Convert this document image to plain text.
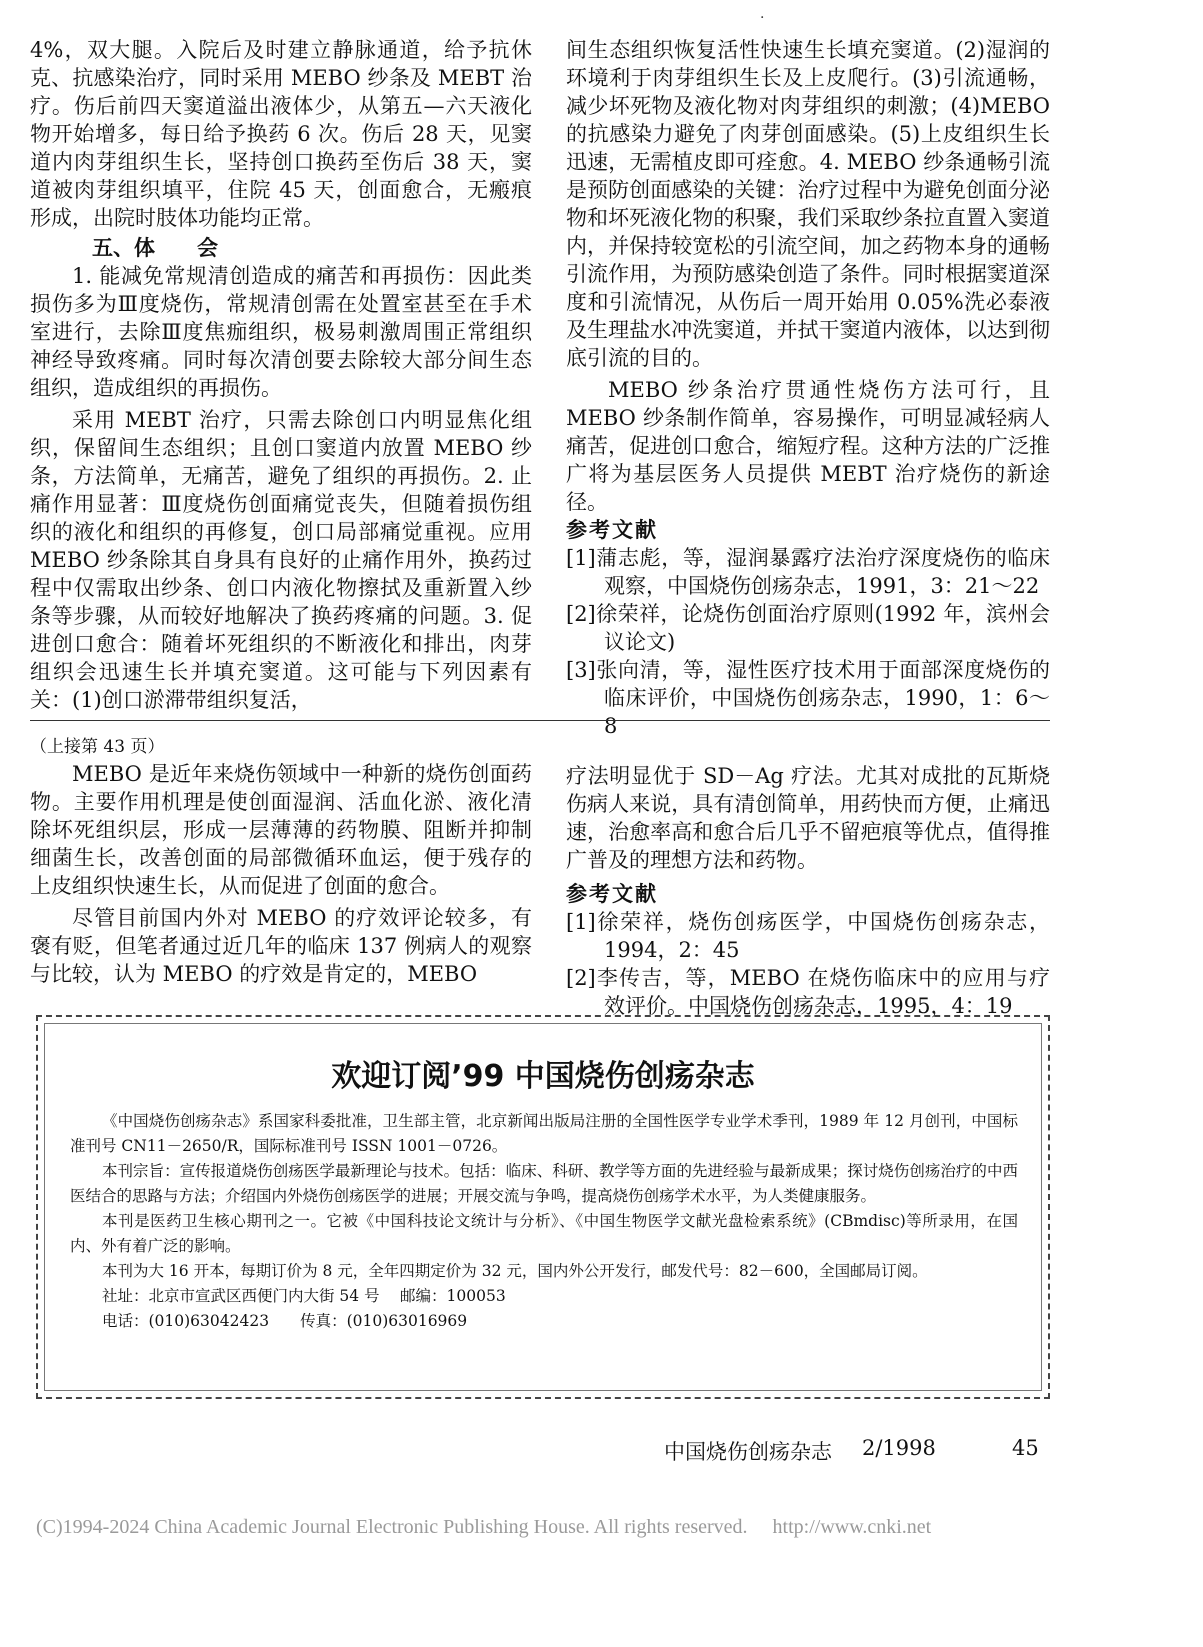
·

4%，双大腿。入院后及时建立静脉通道，给予抗休克、抗感染治疗，同时采用 MEBO 纱条及 MEBT 治疗。伤后前四天窦道溢出液体少，从第五—六天液化物开始增多，每日给予换药 6 次。伤后 28 天，见窦道内肉芽组织生长，坚持创口换药至伤后 38 天，窦道被肉芽组织填平，住院 45 天，创面愈合，无瘢痕形成，出院时肢体功能均正常。

五、体　　会

1. 能减免常规清创造成的痛苦和再损伤：因此类损伤多为Ⅲ度烧伤，常规清创需在处置室甚至在手术室进行，去除Ⅲ度焦痂组织，极易刺激周围正常组织神经导致疼痛。同时每次清创要去除较大部分间生态组织，造成组织的再损伤。

采用 MEBT 治疗，只需去除创口内明显焦化组织，保留间生态组织；且创口窦道内放置 MEBO 纱条，方法简单，无痛苦，避免了组织的再损伤。2. 止痛作用显著：Ⅲ度烧伤创面痛觉丧失，但随着损伤组织的液化和组织的再修复，创口局部痛觉重视。应用 MEBO 纱条除其自身具有良好的止痛作用外，换药过程中仅需取出纱条、创口内液化物擦拭及重新置入纱条等步骤，从而较好地解决了换药疼痛的问题。3. 促进创口愈合：随着坏死组织的不断液化和排出，肉芽组织会迅速生长并填充窦道。这可能与下列因素有关：(1)创口淤滞带组织复活，

间生态组织恢复活性快速生长填充窦道。(2)湿润的环境利于肉芽组织生长及上皮爬行。(3)引流通畅，减少坏死物及液化物对肉芽组织的刺激；(4)MEBO 的抗感染力避免了肉芽创面感染。(5)上皮组织生长迅速，无需植皮即可痊愈。4. MEBO 纱条通畅引流是预防创面感染的关键：治疗过程中为避免创面分泌物和坏死液化物的积聚，我们采取纱条拉直置入窦道内，并保持较宽松的引流空间，加之药物本身的通畅引流作用，为预防感染创造了条件。同时根据窦道深度和引流情况，从伤后一周开始用 0.05%洗必泰液及生理盐水冲洗窦道，并拭干窦道内液体，以达到彻底引流的目的。

MEBO 纱条治疗贯通性烧伤方法可行，且 MEBO 纱条制作简单，容易操作，可明显减轻病人痛苦，促进创口愈合，缩短疗程。这种方法的广泛推广将为基层医务人员提供 MEBT 治疗烧伤的新途径。

参考文献

[1]蒲志彪，等，湿润暴露疗法治疗深度烧伤的临床观察，中国烧伤创疡杂志，1991，3：21～22

[2]徐荣祥，论烧伤创面治疗原则(1992 年，滨州会议论文)

[3]张向清，等，湿性医疗技术用于面部深度烧伤的临床评价，中国烧伤创疡杂志，1990，1：6～8

（上接第 43 页）

MEBO 是近年来烧伤领域中一种新的烧伤创面药物。主要作用机理是使创面湿润、活血化淤、液化清除坏死组织层，形成一层薄薄的药物膜、阻断并抑制细菌生长，改善创面的局部微循环血运，便于残存的上皮组织快速生长，从而促进了创面的愈合。

尽管目前国内外对 MEBO 的疗效评论较多，有褒有贬，但笔者通过近几年的临床 137 例病人的观察与比较，认为 MEBO 的疗效是肯定的，MEBO

疗法明显优于 SD－Ag 疗法。尤其对成批的瓦斯烧伤病人来说，具有清创简单，用药快而方便，止痛迅速，治愈率高和愈合后几乎不留疤痕等优点，值得推广普及的理想方法和药物。

参考文献

[1]徐荣祥，烧伤创疡医学，中国烧伤创疡杂志，1994，2：45

[2]李传吉，等，MEBO 在烧伤临床中的应用与疗效评价。中国烧伤创疡杂志，1995，4：19

欢迎订阅’99 中国烧伤创疡杂志

《中国烧伤创疡杂志》系国家科委批准，卫生部主管，北京新闻出版局注册的全国性医学专业学术季刊，1989 年 12 月创刊，中国标准刊号 CN11－2650/R，国际标准刊号 ISSN 1001－0726。
本刊宗旨：宣传报道烧伤创疡医学最新理论与技术。包括：临床、科研、教学等方面的先进经验与最新成果；探讨烧伤创疡治疗的中西医结合的思路与方法；介绍国内外烧伤创疡医学的进展；开展交流与争鸣，提高烧伤创疡学术水平，为人类健康服务。
本刊是医药卫生核心期刊之一。它被《中国科技论文统计与分析》、《中国生物医学文献光盘检索系统》(CBmdisc)等所录用，在国内、外有着广泛的影响。
本刊为大 16 开本，每期订价为 8 元，全年四期定价为 32 元，国内外公开发行，邮发代号：82－600，全国邮局订阅。
社址：北京市宣武区西便门内大街 54 号　 邮编：100053
电话：(010)63042423　　传真：(010)63016969

中国烧伤创疡杂志 2/1998	45
(C)1994-2024 China Academic Journal Electronic Publishing House. All rights reserved.　 http://www.cnki.net
